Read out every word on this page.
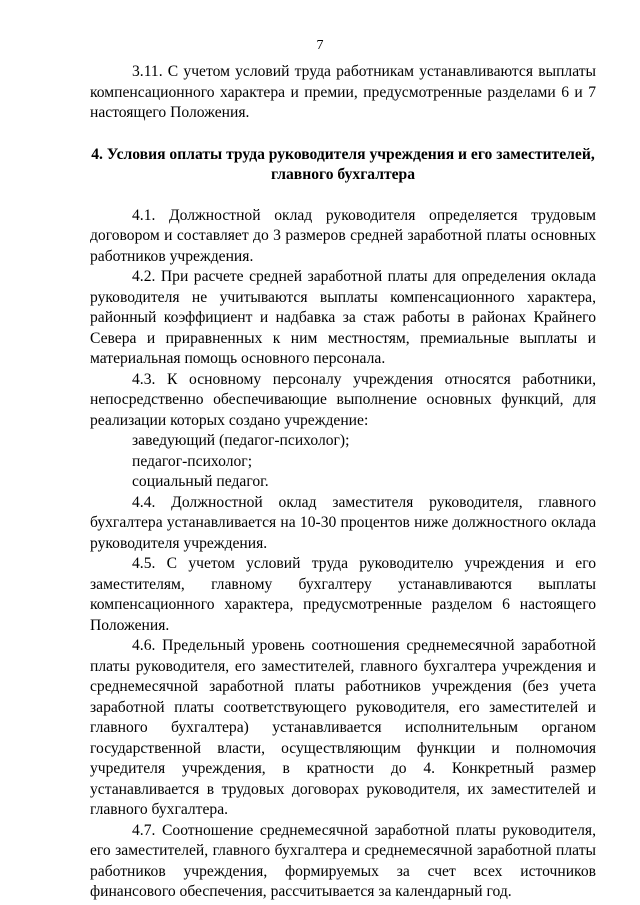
7

3.11. С учетом условий труда работникам устанавливаются выплаты компенсационного характера и премии, предусмотренные разделами 6 и 7 настоящего Положения.

4. Условия оплаты труда руководителя учреждения и его заместителей, главного бухгалтера

4.1. Должностной оклад руководителя определяется трудовым договором и составляет до 3 размеров средней заработной платы основных работников учреждения.

4.2. При расчете средней заработной платы для определения оклада руководителя не учитываются выплаты компенсационного характера, районный коэффициент и надбавка за стаж работы в районах Крайнего Севера и приравненных к ним местностям, премиальные выплаты и материальная помощь основного персонала.

4.3. К основному персоналу учреждения относятся работники, непосредственно обеспечивающие выполнение основных функций, для реализации которых создано учреждение:

заведующий (педагог-психолог);

педагог-психолог;

социальный педагог.

4.4. Должностной оклад заместителя руководителя, главного бухгалтера устанавливается на 10-30 процентов ниже должностного оклада руководителя учреждения.

4.5. С учетом условий труда руководителю учреждения и его заместителям, главному бухгалтеру устанавливаются выплаты компенсационного характера, предусмотренные разделом 6 настоящего Положения.

4.6. Предельный уровень соотношения среднемесячной заработной платы руководителя, его заместителей, главного бухгалтера учреждения и среднемесячной заработной платы работников учреждения (без учета заработной платы соответствующего руководителя, его заместителей и главного бухгалтера) устанавливается исполнительным органом государственной власти, осуществляющим функции и полномочия учредителя учреждения, в кратности до 4. Конкретный размер устанавливается в трудовых договорах руководителя, их заместителей и главного бухгалтера.

4.7. Соотношение среднемесячной заработной платы руководителя, его заместителей, главного бухгалтера и среднемесячной заработной платы работников учреждения, формируемых за счет всех источников финансового обеспечения, рассчитывается за календарный год.
